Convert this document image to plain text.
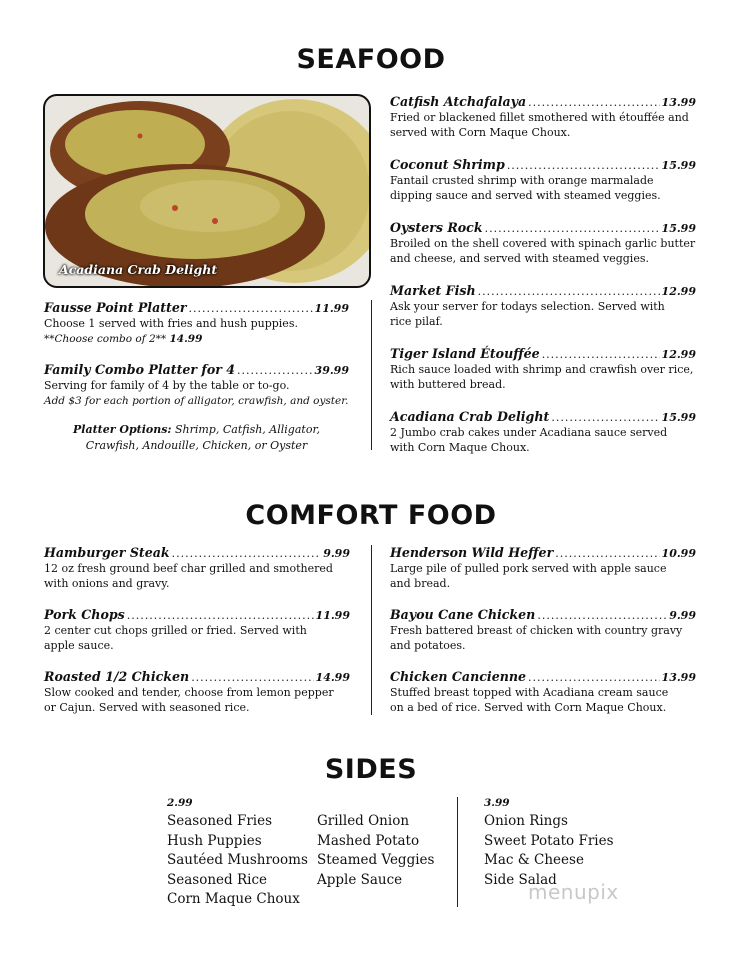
SEAFOOD
Acadiana Crab Delight
Fausse Point Platter .....	11.99
Choose 1 served with fries and hush puppies.
**Choose combo of 2** 14.99
Family Combo Platter for 4 .....	39.99
Serving for family of 4 by the table or to-go.
Add $3 for each portion of alligator, crawfish, and oyster.
Platter Options: Shrimp, Catfish, Alligator,
Crawfish, Andouille, Chicken, or Oyster
Catfish Atchafalaya .....	13.99
Fried or blackened fillet smothered with étouffée and
served with Corn Maque Choux.
Coconut Shrimp .....	15.99
Fantail crusted shrimp with orange marmalade
dipping sauce and served with steamed veggies.
Oysters Rock .....	15.99
Broiled on the shell covered with spinach garlic butter
and cheese, and served with steamed veggies.
Market Fish .....	12.99
Ask your server for todays selection. Served with
rice pilaf.
Tiger Island Étouffée .....	12.99
Rich sauce loaded with shrimp and crawfish over rice,
with buttered bread.
Acadiana Crab Delight .....	15.99
2 Jumbo crab cakes under Acadiana sauce served
with Corn Maque Choux.
COMFORT FOOD
Hamburger Steak .....	9.99
12 oz fresh ground beef char grilled and smothered
with onions and gravy.
Pork Chops .....	11.99
2 center cut chops grilled or fried. Served with
apple sauce.
Roasted 1/2 Chicken .....	14.99
Slow cooked and tender, choose from lemon pepper
or Cajun. Served with seasoned rice.
Henderson Wild Heffer .....	10.99
Large pile of pulled pork served with apple sauce
and bread.
Bayou Cane Chicken .....	9.99
Fresh battered breast of chicken with country gravy
and potatoes.
Chicken Cancienne .....	13.99
Stuffed breast topped with Acadiana cream sauce
on a bed of rice. Served with Corn Maque Choux.
SIDES
2.99
Seasoned Fries
Hush Puppies
Sautéed Mushrooms
Seasoned Rice
Corn Maque Choux
Grilled Onion
Mashed Potato
Steamed Veggies
Apple Sauce
3.99
Onion Rings
Sweet Potato Fries
Mac & Cheese
Side Salad
menupix
